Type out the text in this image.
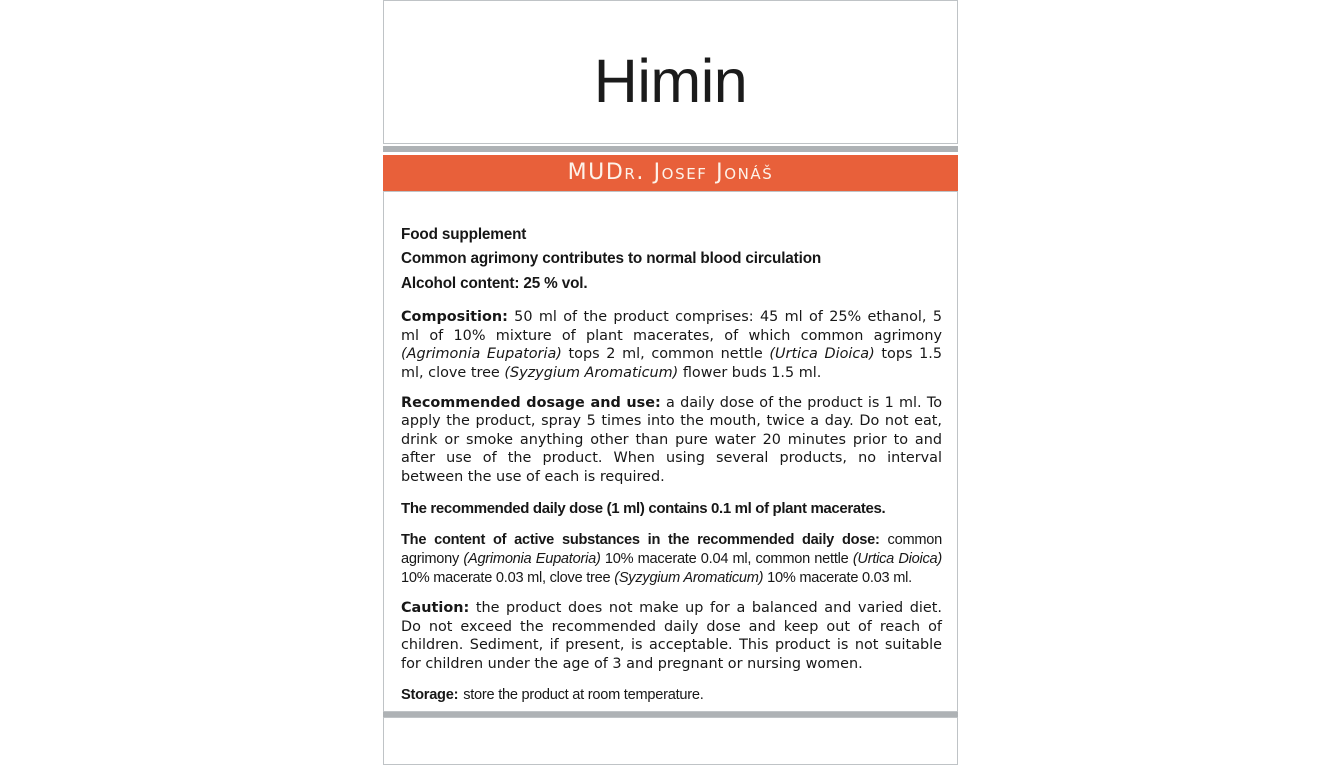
Himin
MUDr. Josef Jonáš
Food supplement
Common agrimony contributes to normal blood circulation
Alcohol content: 25 % vol.

Composition: 50 ml of the product comprises: 45 ml of 25% ethanol, 5 ml of 10% mixture of plant macerates, of which common agrimony (Agrimonia Eupatoria) tops 2 ml, common nettle (Urtica Dioica) tops 1.5 ml, clove tree (Syzygium Aromaticum) flower buds 1.5 ml.

Recommended dosage and use: a daily dose of the product is 1 ml. To apply the product, spray 5 times into the mouth, twice a day. Do not eat, drink or smoke anything other than pure water 20 minutes prior to and after use of the product. When using several products, no interval between the use of each is required.

The recommended daily dose (1 ml) contains 0.1 ml of plant macerates.

The content of active substances in the recommended daily dose: common agrimony (Agrimonia Eupatoria) 10% macerate 0.04 ml, common nettle (Urtica Dioica) 10% macerate 0.03 ml, clove tree (Syzygium Aromaticum) 10% macerate 0.03 ml.

Caution: the product does not make up for a balanced and varied diet. Do not exceed the recommended daily dose and keep out of reach of children. Sediment, if present, is acceptable. This product is not suitable for children under the age of 3 and pregnant or nursing women.

Storage: store the product at room temperature.
